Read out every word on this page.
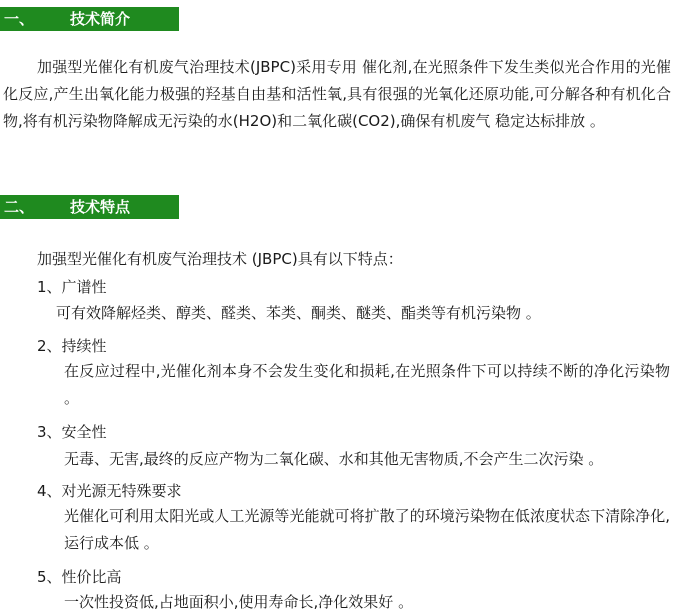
一、 技术简介
加强型光催化有机废气治理技术(JBPC)采用专用 催化剂,在光照条件下发生类似光合作用的光催化反应,产生出氧化能力极强的羟基自由基和活性氧,具有很强的光氧化还原功能,可分解各种有机化合物,将有机污染物降解成无污染的水(H2O)和二氧化碳(CO2),确保有机废气 稳定达标排放 。
二、 技术特点
加强型光催化有机废气治理技术 (JBPC)具有以下特点：
1、广谱性
可有效降解烃类、醇类、醛类、苯类、酮类、醚类、酯类等有机污染物 。
2、持续性
在反应过程中,光催化剂本身不会发生变化和损耗,在光照条件下可以持续不断的净化污染物 。
3、安全性
无毒、无害,最终的反应产物为二氧化碳、水和其他无害物质,不会产生二次污染 。
4、对光源无特殊要求
光催化可利用太阳光或人工光源等光能就可将扩散了的环境污染物在低浓度状态下清除净化,运行成本低 。
5、性价比高
一次性投资低,占地面积小,使用寿命长,净化效果好 。
